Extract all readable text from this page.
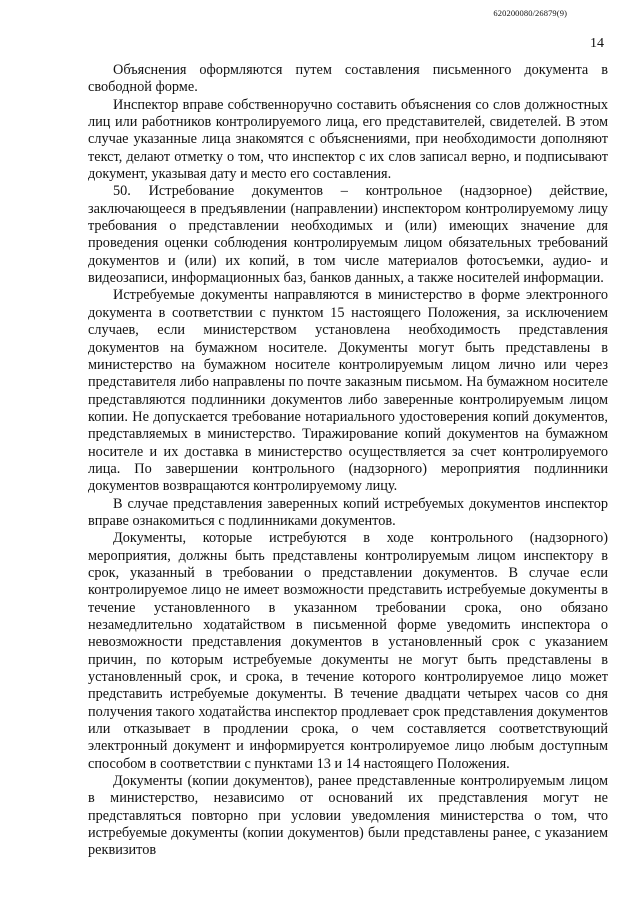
620200080/26879(9)
14

Объяснения оформляются путем составления письменного документа в свободной форме.

Инспектор вправе собственноручно составить объяснения со слов должностных лиц или работников контролируемого лица, его представителей, свидетелей. В этом случае указанные лица знакомятся с объяснениями, при необходимости дополняют текст, делают отметку о том, что инспектор с их слов записал верно, и подписывают документ, указывая дату и место его составления.

50. Истребование документов – контрольное (надзорное) действие, заключающееся в предъявлении (направлении) инспектором контролируемому лицу требования о представлении необходимых и (или) имеющих значение для проведения оценки соблюдения контролируемым лицом обязательных требований документов и (или) их копий, в том числе материалов фотосъемки, аудио- и видеозаписи, информационных баз, банков данных, а также носителей информации.

Истребуемые документы направляются в министерство в форме электронного документа в соответствии с пунктом 15 настоящего Положения, за исключением случаев, если министерством установлена необходимость представления документов на бумажном носителе. Документы могут быть представлены в министерство на бумажном носителе контролируемым лицом лично или через представителя либо направлены по почте заказным письмом. На бумажном носителе представляются подлинники документов либо заверенные контролируемым лицом копии. Не допускается требование нотариального удостоверения копий документов, представляемых в министерство. Тиражирование копий документов на бумажном носителе и их доставка в министерство осуществляется за счет контролируемого лица. По завершении контрольного (надзорного) мероприятия подлинники документов возвращаются контролируемому лицу.

В случае представления заверенных копий истребуемых документов инспектор вправе ознакомиться с подлинниками документов.

Документы, которые истребуются в ходе контрольного (надзорного) мероприятия, должны быть представлены контролируемым лицом инспектору в срок, указанный в требовании о представлении документов. В случае если контролируемое лицо не имеет возможности представить истребуемые документы в течение установленного в указанном требовании срока, оно обязано незамедлительно ходатайством в письменной форме уведомить инспектора о невозможности представления документов в установленный срок с указанием причин, по которым истребуемые документы не могут быть представлены в установленный срок, и срока, в течение которого контролируемое лицо может представить истребуемые документы. В течение двадцати четырех часов со дня получения такого ходатайства инспектор продлевает срок представления документов или отказывает в продлении срока, о чем составляется соответствующий электронный документ и информируется контролируемое лицо любым доступным способом в соответствии с пунктами 13 и 14 настоящего Положения.

Документы (копии документов), ранее представленные контролируемым лицом в министерство, независимо от оснований их представления могут не представляться повторно при условии уведомления министерства о том, что истребуемые документы (копии документов) были представлены ранее, с указанием реквизитов
